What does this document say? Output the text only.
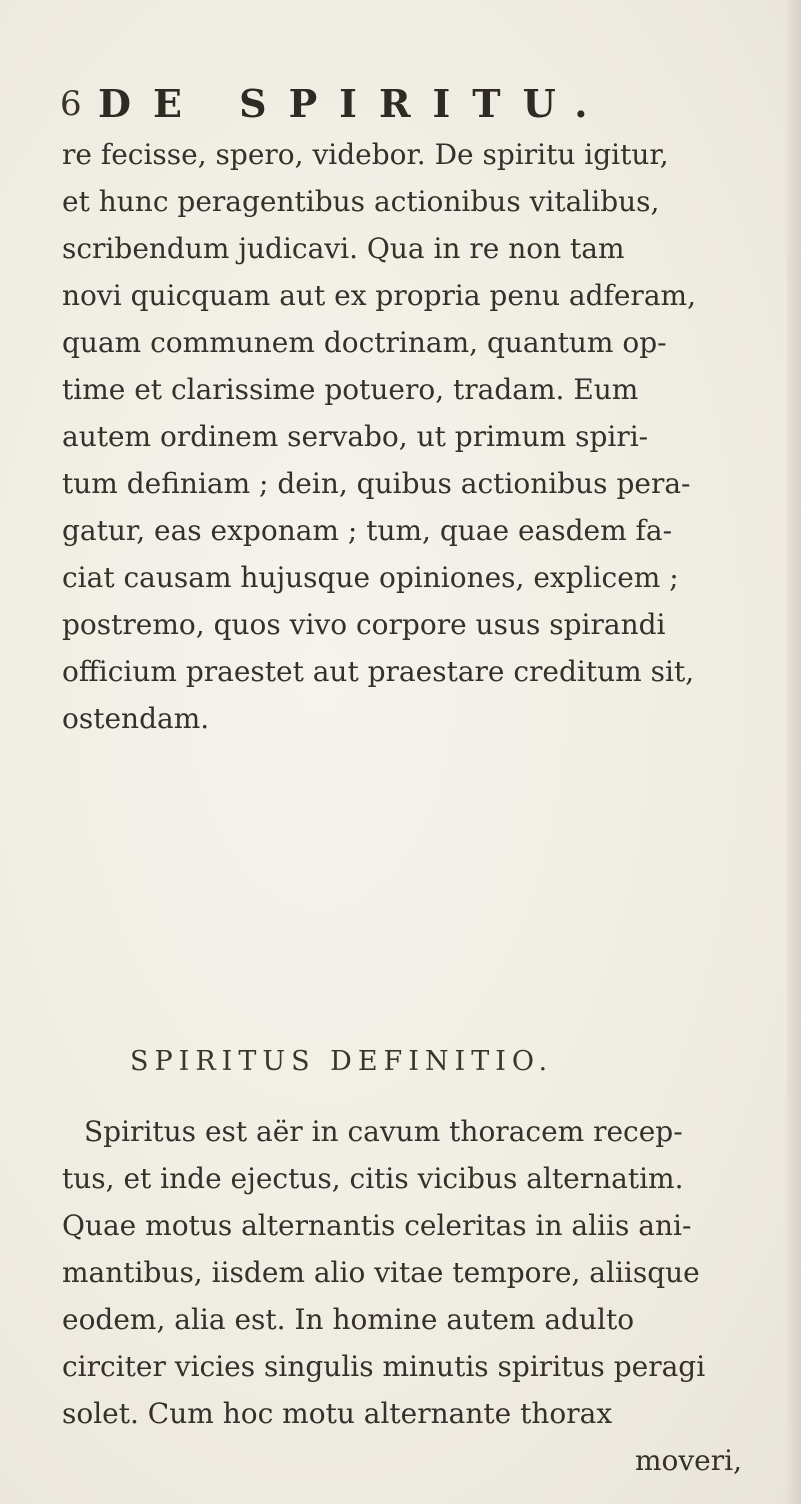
6 DE SPIRITU.
re fecisse, spero, videbor. De spiritu igitur,
et hunc peragentibus actionibus vitalibus,
scribendum judicavi. Qua in re non tam
novi quicquam aut ex propria penu adferam,
quam communem doctrinam, quantum op-
time et clarissime potuero, tradam. Eum
autem ordinem servabo, ut primum spiri-
tum definiam ; dein, quibus actionibus pera-
gatur, eas exponam ; tum, quae easdem fa-
ciat causam hujusque opiniones, explicem ;
postremo, quos vivo corpore usus spirandi
officium praestet aut praestare creditum sit,
ostendam.
SPIRITUS DEFINITIO.
Spiritus est aër in cavum thoracem recep-
tus, et inde ejectus, citis vicibus alternatim.
Quae motus alternantis celeritas in aliis ani-
mantibus, iisdem alio vitae tempore, aliisque
eodem, alia est. In homine autem adulto
circiter vicies singulis minutis spiritus peragi
solet. Cum hoc motu alternante thorax
moveri,
